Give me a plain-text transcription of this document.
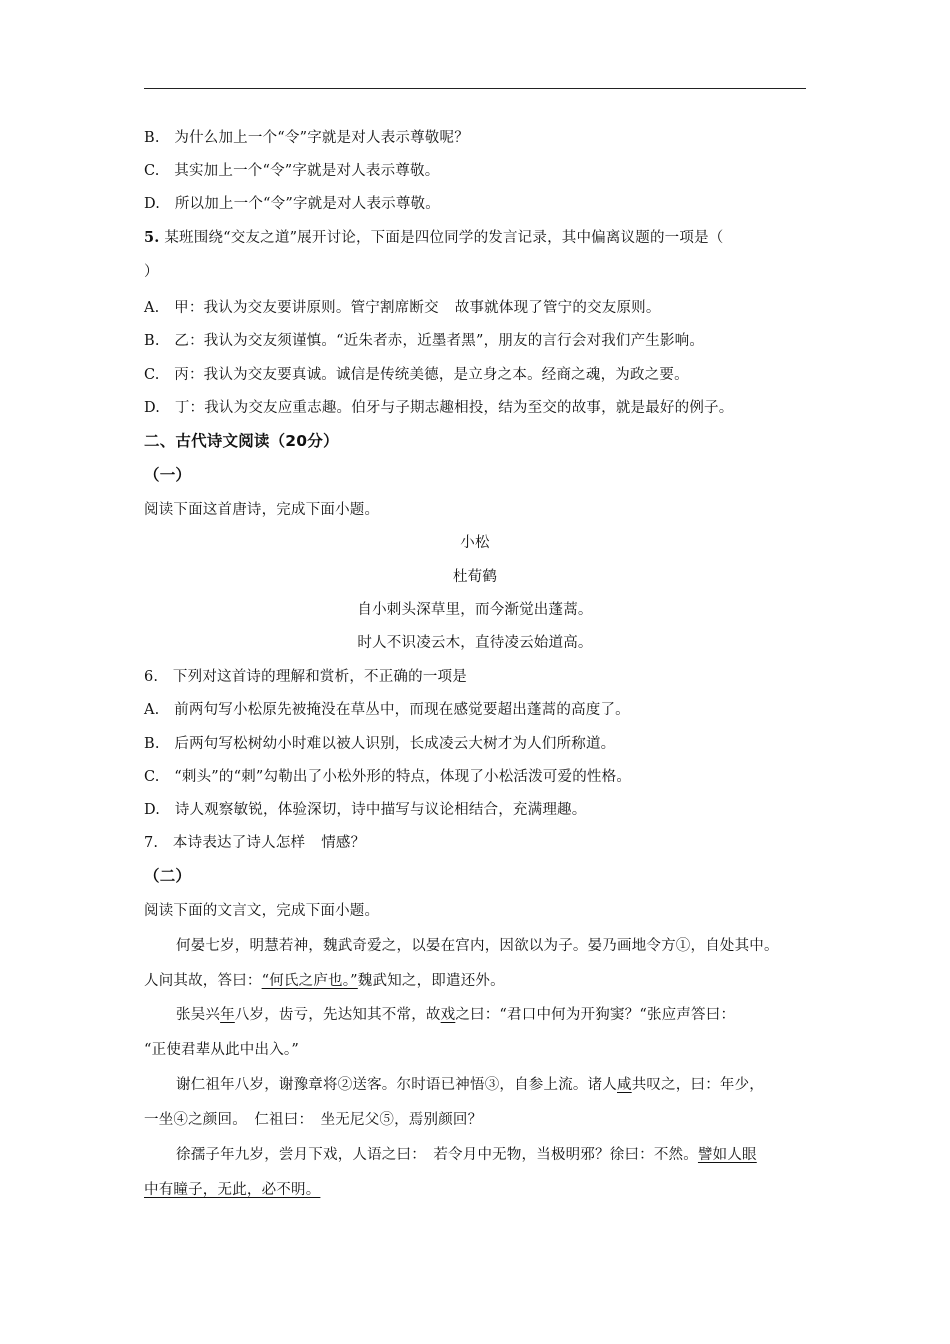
B.　为什么加上一个“令”字就是对人表示尊敬呢？
C.　其实加上一个“令”字就是对人表示尊敬。
D.　所以加上一个“令”字就是对人表示尊敬。
5. 某班围绕“交友之道”展开讨论，下面是四位同学的发言记录，其中偏离议题的一项是（
）
A.　甲：我认为交友要讲原则。管宁割席断交 故事就体现了管宁的交友原则。
B.　乙：我认为交友须谨慎。“近朱者赤，近墨者黑”，朋友的言行会对我们产生影响。
C.　丙：我认为交友要真诚。诚信是传统美德，是立身之本。经商之魂，为政之要。
D.　丁：我认为交友应重志趣。伯牙与子期志趣相投，结为至交的故事，就是最好的例子。
二、古代诗文阅读（20分）
（一）
阅读下面这首唐诗，完成下面小题。
小松
杜荀鹤
自小刺头深草里，而今渐觉出蓬蒿。
时人不识凌云木，直待凌云始道高。
6.　下列对这首诗的理解和赏析，不正确的一项是
A.　前两句写小松原先被掩没在草丛中，而现在感觉要超出蓬蒿的高度了。
B.　后两句写松树幼小时难以被人识别，长成凌云大树才为人们所称道。
C.　“刺头”的“刺”勾勒出了小松外形的特点，体现了小松活泼可爱的性格。
D.　诗人观察敏锐，体验深切，诗中描写与议论相结合，充满理趣。
7.　本诗表达了诗人怎样 情感？
（二）
阅读下面的文言文，完成下面小题。
何晏七岁，明慧若神，魏武奇爱之，以晏在宫内，因欲以为子。晏乃画地令方①，自处其中。
人问其故，答曰：“何氏之庐也。”魏武知之，即遣还外。
张吴兴年八岁，齿亏，先达知其不常，故戏之曰：“君口中何为开狗窦？“张应声答曰：
“正使君辈从此中出入。”
谢仁祖年八岁，谢豫章将②送客。尔时语已神悟③，自参上流。诸人咸共叹之，曰：年少，
一坐④之颜回。　仁祖曰：　坐无尼父⑤，焉别颜回？
徐孺子年九岁，尝月下戏，人语之曰：　若令月中无物，当极明邪？徐曰：不然。譬如人眼
中有瞳子，无此，必不明。
